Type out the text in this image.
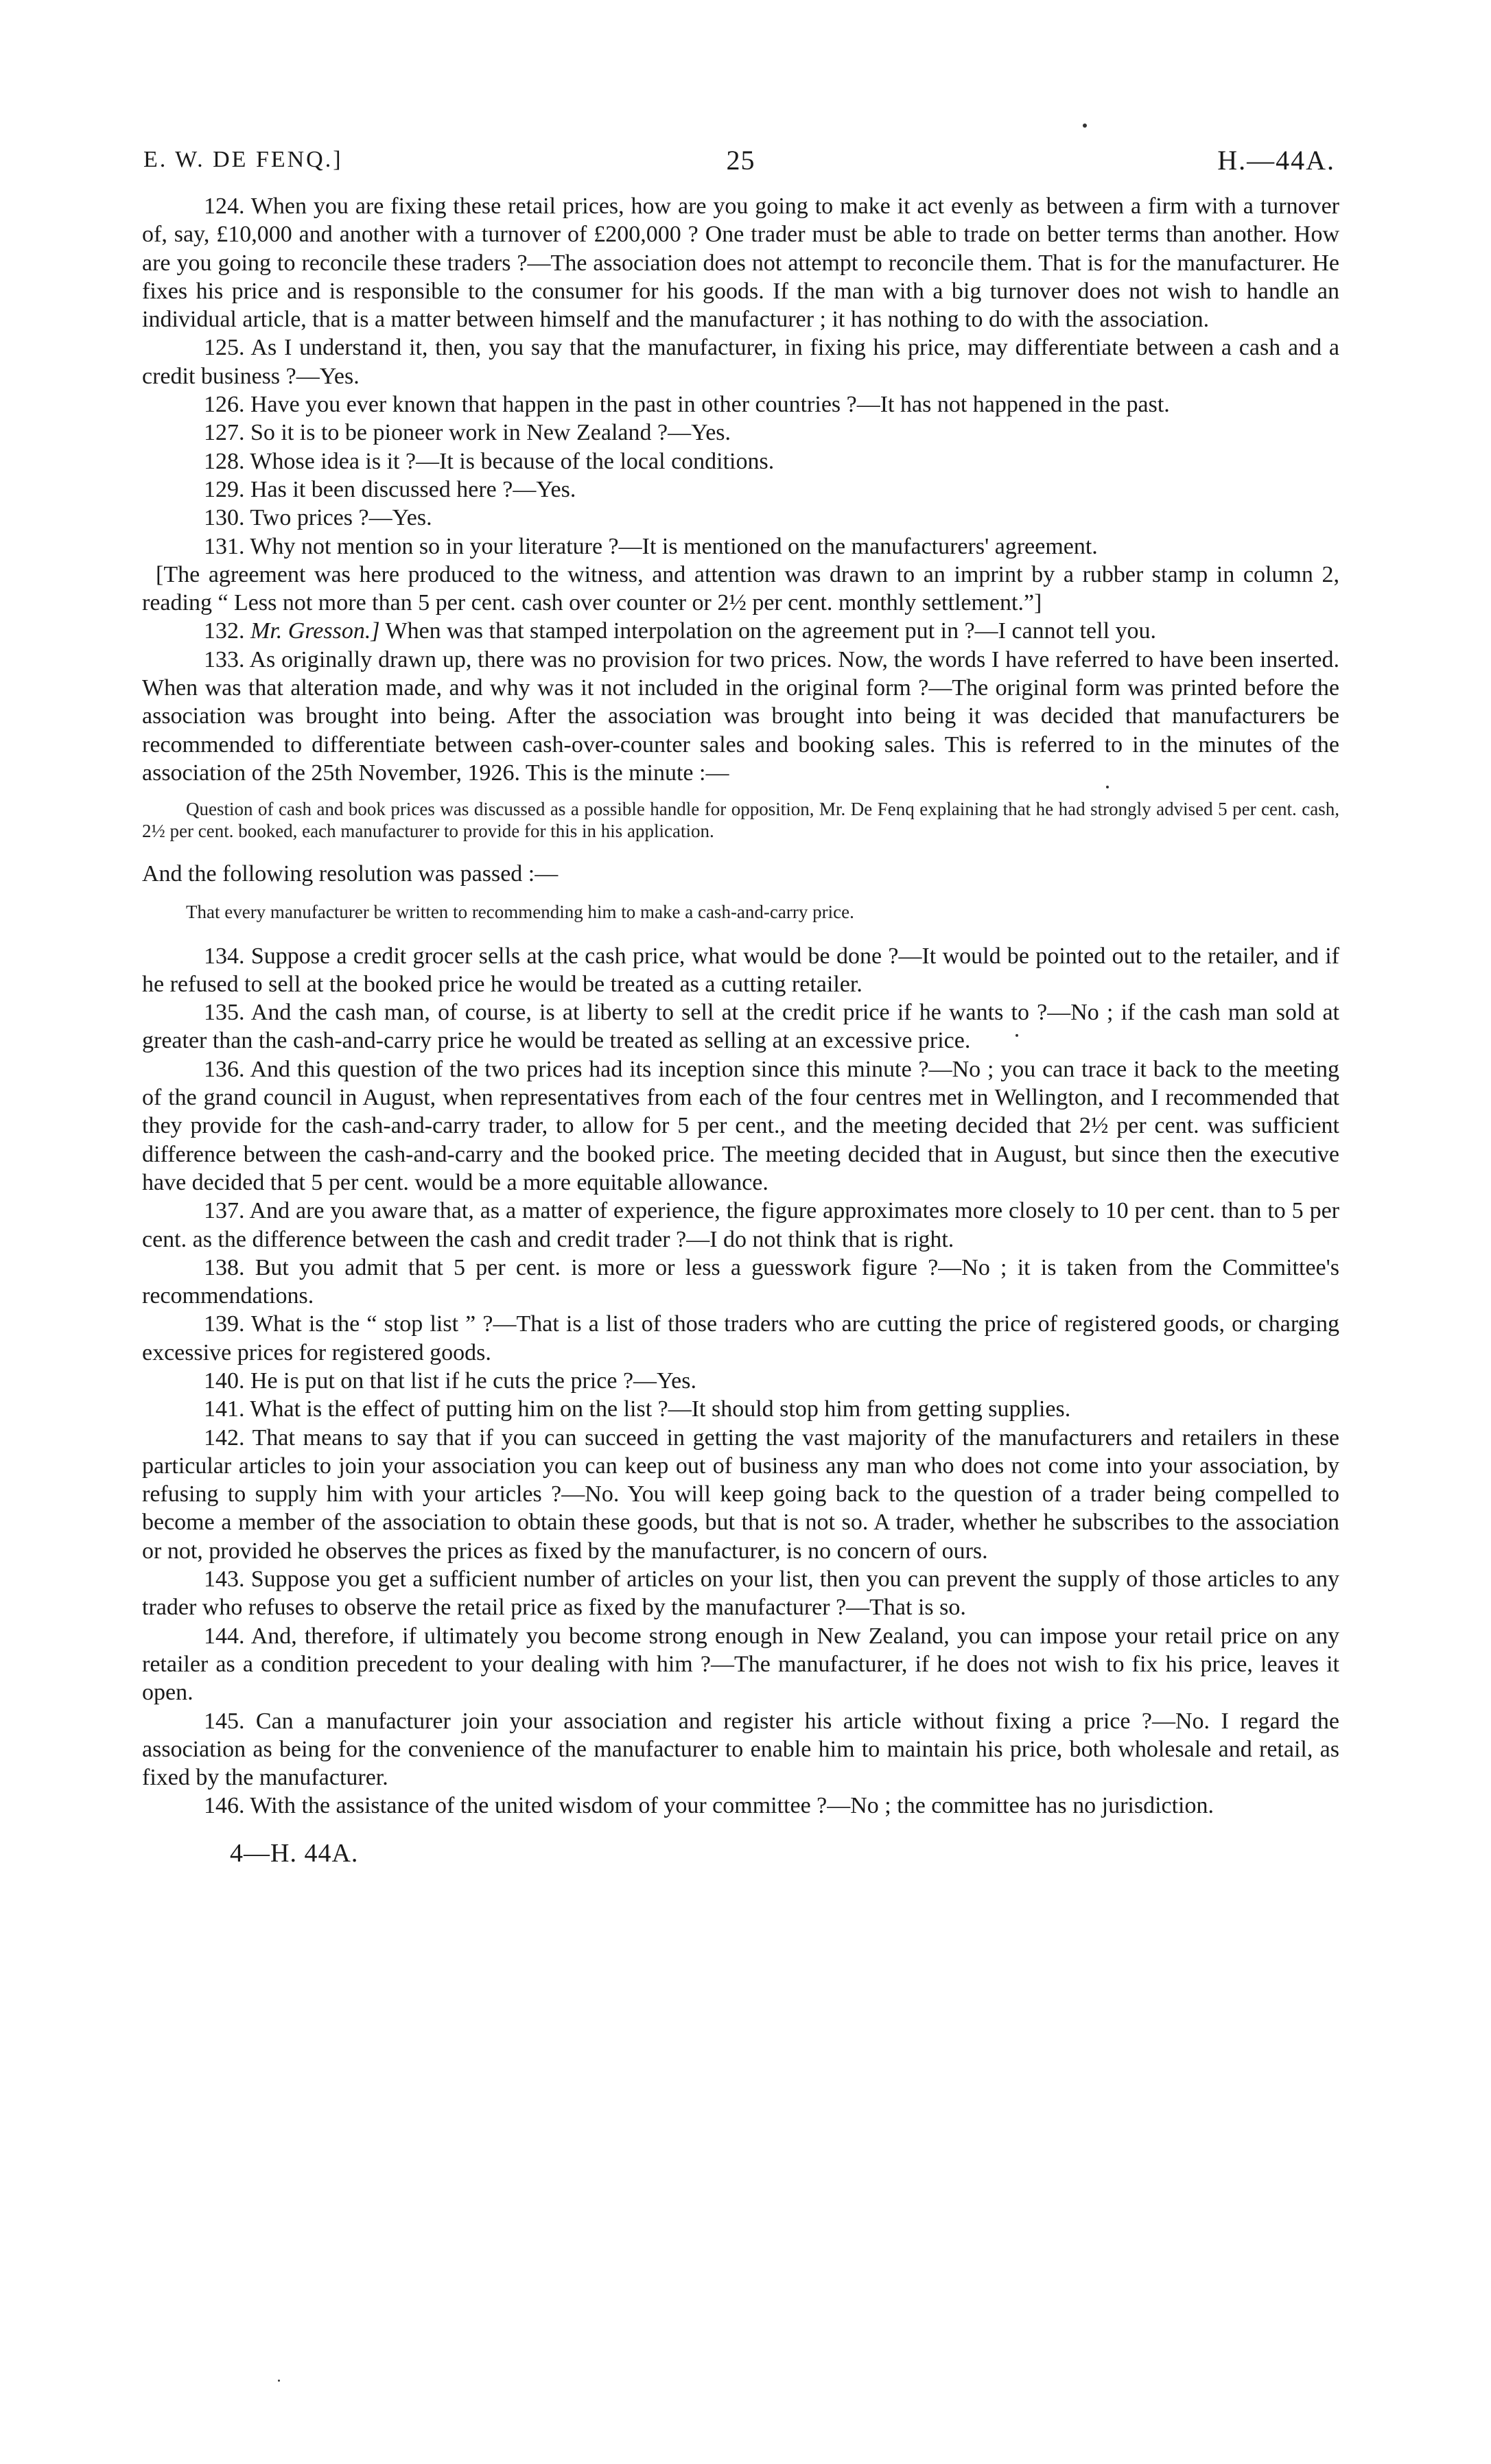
E. W. DE FENQ.]	25	H.—44A.

124. When you are fixing these retail prices, how are you going to make it act evenly as between a firm with a turnover of, say, £10,000 and another with a turnover of £200,000 ? One trader must be able to trade on better terms than another. How are you going to reconcile these traders ?—The association does not attempt to reconcile them. That is for the manufacturer. He fixes his price and is responsible to the consumer for his goods. If the man with a big turnover does not wish to handle an individual article, that is a matter between himself and the manufacturer ; it has nothing to do with the association.

125. As I understand it, then, you say that the manufacturer, in fixing his price, may differentiate between a cash and a credit business ?—Yes.

126. Have you ever known that happen in the past in other countries ?—It has not happened in the past.

127. So it is to be pioneer work in New Zealand ?—Yes.

128. Whose idea is it ?—It is because of the local conditions.

129. Has it been discussed here ?—Yes.

130. Two prices ?—Yes.

131. Why not mention so in your literature ?—It is mentioned on the manufacturers' agreement.

[The agreement was here produced to the witness, and attention was drawn to an imprint by a rubber stamp in column 2, reading “ Less not more than 5 per cent. cash over counter or 2½ per cent. monthly settlement.”]

132. Mr. Gresson.] When was that stamped interpolation on the agreement put in ?—I cannot tell you.

133. As originally drawn up, there was no provision for two prices. Now, the words I have referred to have been inserted. When was that alteration made, and why was it not included in the original form ?—The original form was printed before the association was brought into being. After the association was brought into being it was decided that manufacturers be recommended to differentiate between cash-over-counter sales and booking sales. This is referred to in the minutes of the association of the 25th November, 1926. This is the minute :—

Question of cash and book prices was discussed as a possible handle for opposition, Mr. De Fenq explaining that he had strongly advised 5 per cent. cash, 2½ per cent. booked, each manufacturer to provide for this in his application.

And the following resolution was passed :—

That every manufacturer be written to recommending him to make a cash-and-carry price.

134. Suppose a credit grocer sells at the cash price, what would be done ?—It would be pointed out to the retailer, and if he refused to sell at the booked price he would be treated as a cutting retailer.

135. And the cash man, of course, is at liberty to sell at the credit price if he wants to ?—No ; if the cash man sold at greater than the cash-and-carry price he would be treated as selling at an excessive price.

136. And this question of the two prices had its inception since this minute ?—No ; you can trace it back to the meeting of the grand council in August, when representatives from each of the four centres met in Wellington, and I recommended that they provide for the cash-and-carry trader, to allow for 5 per cent., and the meeting decided that 2½ per cent. was sufficient difference between the cash-and-carry and the booked price. The meeting decided that in August, but since then the executive have decided that 5 per cent. would be a more equitable allowance.

137. And are you aware that, as a matter of experience, the figure approximates more closely to 10 per cent. than to 5 per cent. as the difference between the cash and credit trader ?—I do not think that is right.

138. But you admit that 5 per cent. is more or less a guesswork figure ?—No ; it is taken from the Committee's recommendations.

139. What is the “ stop list ” ?—That is a list of those traders who are cutting the price of registered goods, or charging excessive prices for registered goods.

140. He is put on that list if he cuts the price ?—Yes.

141. What is the effect of putting him on the list ?—It should stop him from getting supplies.

142. That means to say that if you can succeed in getting the vast majority of the manufacturers and retailers in these particular articles to join your association you can keep out of business any man who does not come into your association, by refusing to supply him with your articles ?—No. You will keep going back to the question of a trader being compelled to become a member of the association to obtain these goods, but that is not so. A trader, whether he subscribes to the association or not, provided he observes the prices as fixed by the manufacturer, is no concern of ours.

143. Suppose you get a sufficient number of articles on your list, then you can prevent the supply of those articles to any trader who refuses to observe the retail price as fixed by the manufacturer ?—That is so.

144. And, therefore, if ultimately you become strong enough in New Zealand, you can impose your retail price on any retailer as a condition precedent to your dealing with him ?—The manufacturer, if he does not wish to fix his price, leaves it open.

145. Can a manufacturer join your association and register his article without fixing a price ?—No. I regard the association as being for the convenience of the manufacturer to enable him to maintain his price, both wholesale and retail, as fixed by the manufacturer.

146. With the assistance of the united wisdom of your committee ?—No ; the committee has no jurisdiction.

4—H. 44A.
